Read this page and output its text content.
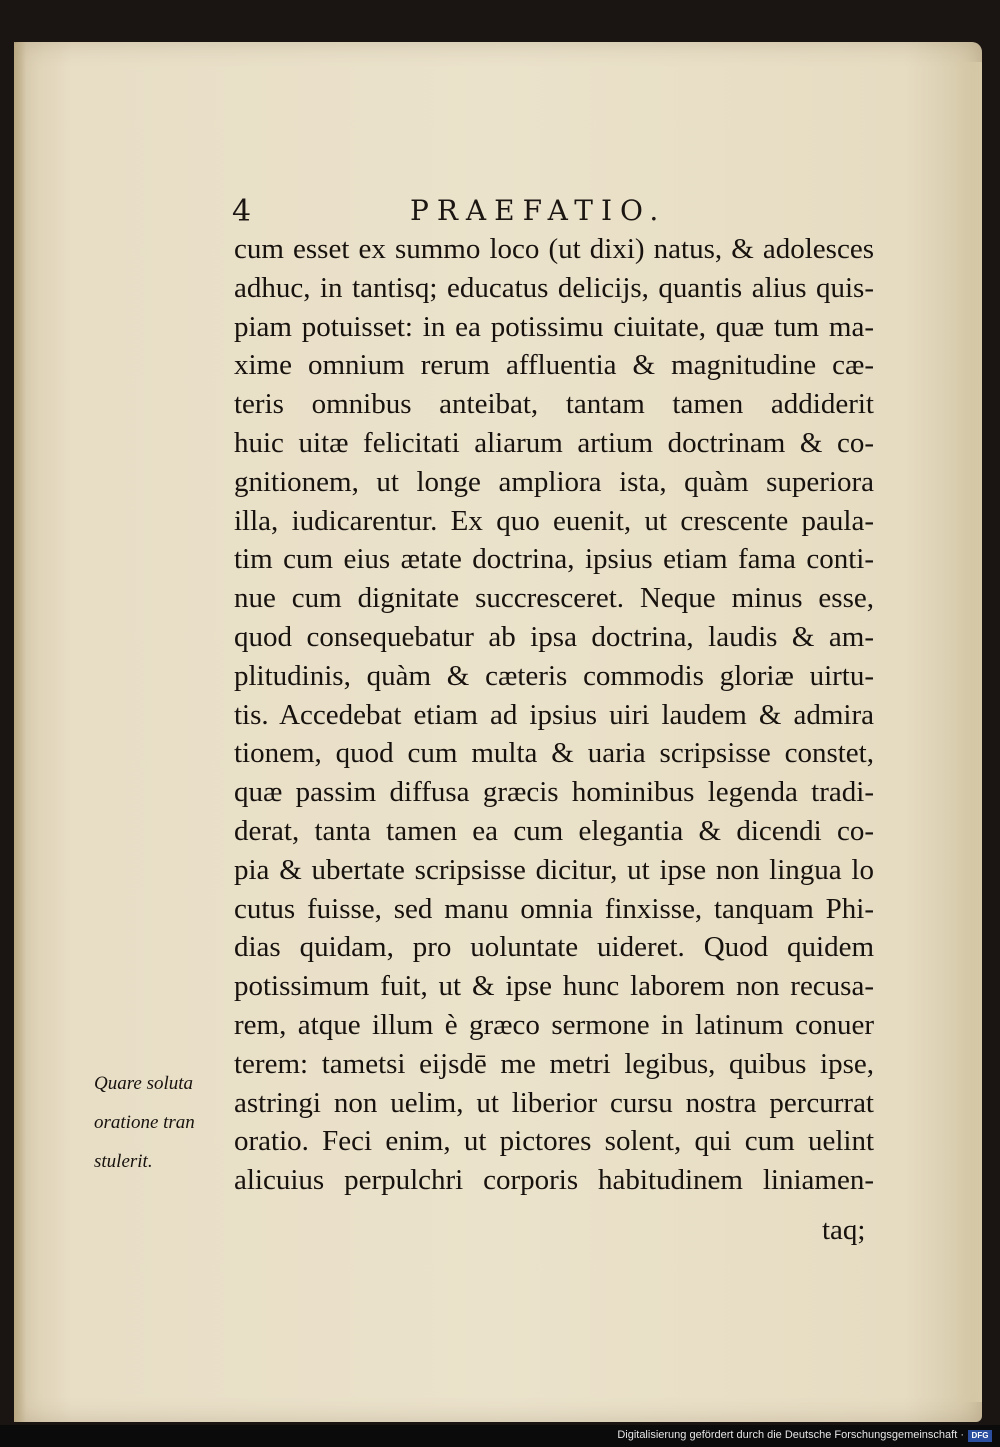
4	PRAEFATIO.
cum esset ex summo loco (ut dixi) natus, & adolesces
adhuc, in tantisq; educatus delicijs, quantis alius quis-
piam potuisset: in ea potissimu ciuitate, quæ tum ma-
xime omnium rerum affluentia & magnitudine cæ-
teris omnibus anteibat, tantam tamen addiderit
huic uitæ felicitati aliarum artium doctrinam & co-
gnitionem, ut longe ampliora ista, quàm superiora
illa, iudicarentur. Ex quo euenit, ut crescente paula-
tim cum eius ætate doctrina, ipsius etiam fama conti-
nue cum dignitate succresceret. Neque minus esse,
quod consequebatur ab ipsa doctrina, laudis & am-
plitudinis, quàm & cæteris commodis gloriæ uirtu-
tis. Accedebat etiam ad ipsius uiri laudem & admira
tionem, quod cum multa & uaria scripsisse constet,
quæ passim diffusa græcis hominibus legenda tradi-
derat, tanta tamen ea cum elegantia & dicendi co-
pia & ubertate scripsisse dicitur, ut ipse non lingua lo
cutus fuisse, sed manu omnia finxisse, tanquam Phi-
dias quidam, pro uoluntate uideret. Quod quidem
potissimum fuit, ut & ipse hunc laborem non recusa-
rem, atque illum è græco sermone in latinum conuer
terem: tametsi eijsdē me metri legibus, quibus ipse,
astringi non uelim, ut liberior cursu nostra percurrat
oratio. Feci enim, ut pictores solent, qui cum uelint
alicuius perpulchri corporis habitudinem liniamen-
Quare soluta
oratione tran
stulerit.
taq;
Digitalisierung gefördert durch die Deutsche Forschungsgemeinschaft · DFG
